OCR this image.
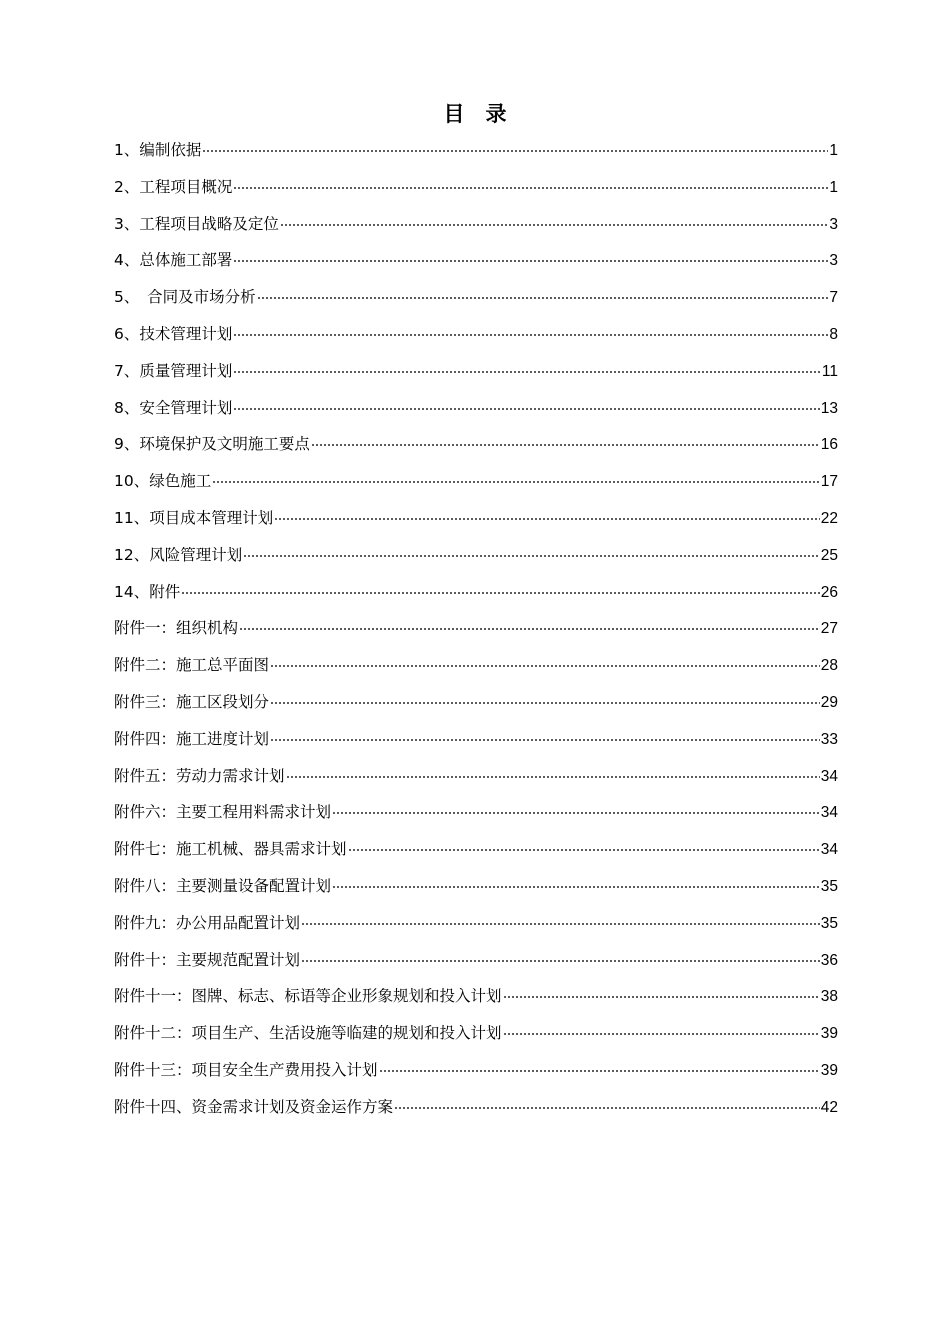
目　录
1、编制依据	1
2、工程项目概况	1
3、工程项目战略及定位	3
4、总体施工部署	3
5、　合同及市场分析	7
6、技术管理计划	8
7、质量管理计划	11
8、安全管理计划	13
9、环境保护及文明施工要点	16
10、绿色施工	17
11、项目成本管理计划	22
12、风险管理计划	25
14、附件	26
附件一：组织机构	27
附件二：施工总平面图	28
附件三：施工区段划分	29
附件四：施工进度计划	33
附件五：劳动力需求计划	34
附件六：主要工程用料需求计划	34
附件七：施工机械、器具需求计划	34
附件八：主要测量设备配置计划	35
附件九：办公用品配置计划	35
附件十：主要规范配置计划	36
附件十一：图牌、标志、标语等企业形象规划和投入计划	38
附件十二：项目生产、生活设施等临建的规划和投入计划	39
附件十三：项目安全生产费用投入计划	39
附件十四、资金需求计划及资金运作方案	42
